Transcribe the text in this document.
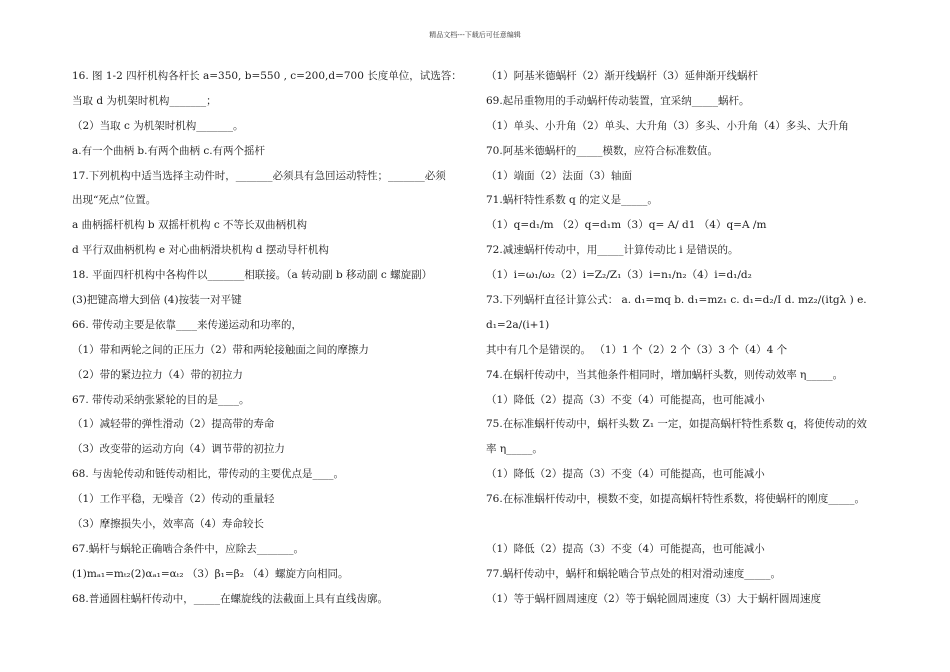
精品文档---下载后可任意编辑
16. 图 1-2 四杆机构各杆长 a=350, b=550 , c=200,d=700 长度单位，试选答：
当取 d 为机架时机构_______；
（2）当取 c 为机架时机构_______。
a.有一个曲柄 b.有两个曲柄 c.有两个摇杆
17.下列机构中适当选择主动件时，_______必须具有急回运动特性；_______必须
出现“死点”位置。
a 曲柄摇杆机构 b 双摇杆机构 c 不等长双曲柄机构
d 平行双曲柄机构 e 对心曲柄滑块机构 d 摆动导杆机构
18. 平面四杆机构中各构件以_______相联接。（a 转动副 b 移动副 c 螺旋副）
(3)把键高增大到倍 (4)按装一对平键
66. 带传动主要是依靠____来传递运动和功率的，
（1）带和两轮之间的正压力（2）带和两轮接触面之间的摩擦力
（2）带的紧边拉力（4）带的初拉力
67. 带传动采纳张紧轮的目的是____。
（1）减轻带的弹性滑动（2）提高带的寿命
（3）改变带的运动方向（4）调节带的初拉力
68. 与齿轮传动和链传动相比，带传动的主要优点是____。
（1）工作平稳，无噪音（2）传动的重量轻
（3）摩擦损失小，效率高（4）寿命较长
67.蜗杆与蜗轮正确啮合条件中，应除去_______。
(1)mₐ₁=mₜ₂(2)αₐ₁=αₜ₂ （3）β₁=β₂ （4）螺旋方向相同。
68.普通圆柱蜗杆传动中，_____在螺旋线的法截面上具有直线齿廓。
（1）阿基米德蜗杆（2）渐开线蜗杆（3）延伸渐开线蜗杆
69.起吊重物用的手动蜗杆传动装置，宜采纳_____蜗杆。
（1）单头、小升角（2）单头、大升角（3）多头、小升角（4）多头、大升角
70.阿基米德蜗杆的_____模数，应符合标准数值。
（1）端面（2）法面（3）轴面
71.蜗杆特性系数 q 的定义是_____。
（1）q=d₁/m （2）q=d₁m（3）q= A/ d1 （4）q=A /m
72.减速蜗杆传动中，用_____计算传动比 i 是错误的。
（1）i=ω₁/ω₂（2）i=Z₂/Z₁（3）i=n₁/n₂（4）i=d₁/d₂
73.下列蜗杆直径计算公式： a. d₁=mq b. d₁=mz₁ c. d₁=d₂/I d. mz₂/(itgλ ) e.
d₁=2a/(i+1)
其中有几个是错误的。 （1）1 个（2）2 个（3）3 个（4）4 个
74.在蜗杆传动中，当其他条件相同时，增加蜗杆头数，则传动效率 η_____。
（1）降低（2）提高（3）不变（4）可能提高，也可能减小
75.在标准蜗杆传动中，蜗杆头数 Z₁ 一定，如提高蜗杆特性系数 q，将使传动的效
率 η_____。
（1）降低（2）提高（3）不变（4）可能提高，也可能减小
76.在标准蜗杆传动中，模数不变，如提高蜗杆特性系数，将使蜗杆的刚度_____。
（1）降低（2）提高（3）不变（4）可能提高，也可能减小
77.蜗杆传动中，蜗杆和蜗轮啮合节点处的相对滑动速度_____。
（1）等于蜗杆圆周速度（2）等于蜗轮圆周速度（3）大于蜗杆圆周速度
